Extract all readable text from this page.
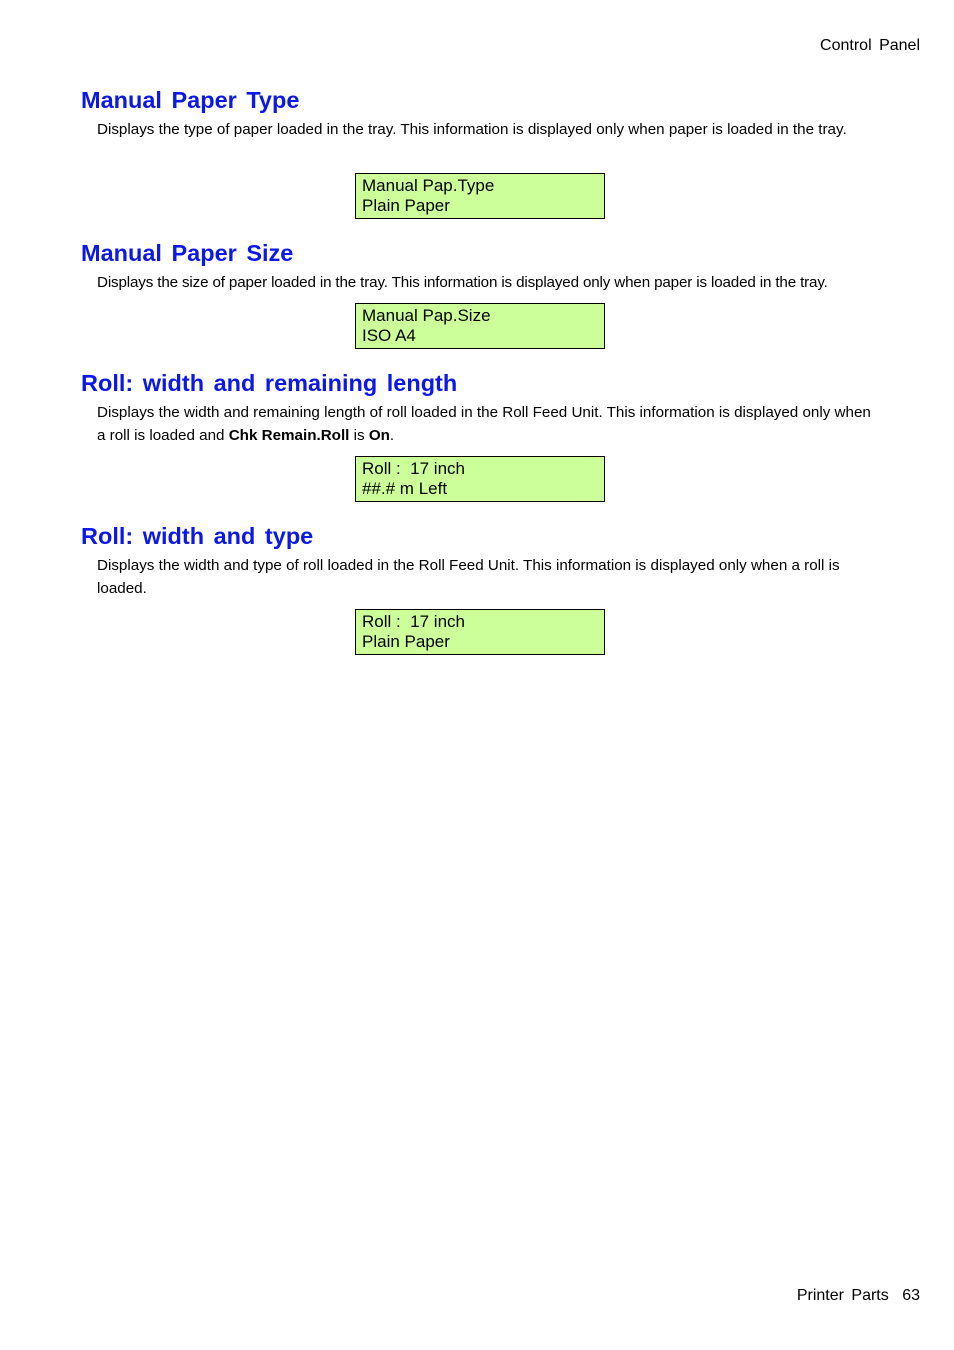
Control Panel
Manual Paper Type

Displays the type of paper loaded in the tray. This information is displayed only when paper is loaded in the tray.

Manual Pap.Type
Plain Paper
Manual Paper Size

Displays the size of paper loaded in the tray. This information is displayed only when paper is loaded in the tray.

Manual Pap.Size
ISO A4
Roll: width and remaining length

Displays the width and remaining length of roll loaded in the Roll Feed Unit. This information is displayed only when a roll is loaded and Chk Remain.Roll is On.

Roll :  17 inch
##.# m Left
Roll: width and type

Displays the width and type of roll loaded in the Roll Feed Unit. This information is displayed only when a roll is loaded.

Roll :  17 inch
Plain Paper
Printer Parts 63
